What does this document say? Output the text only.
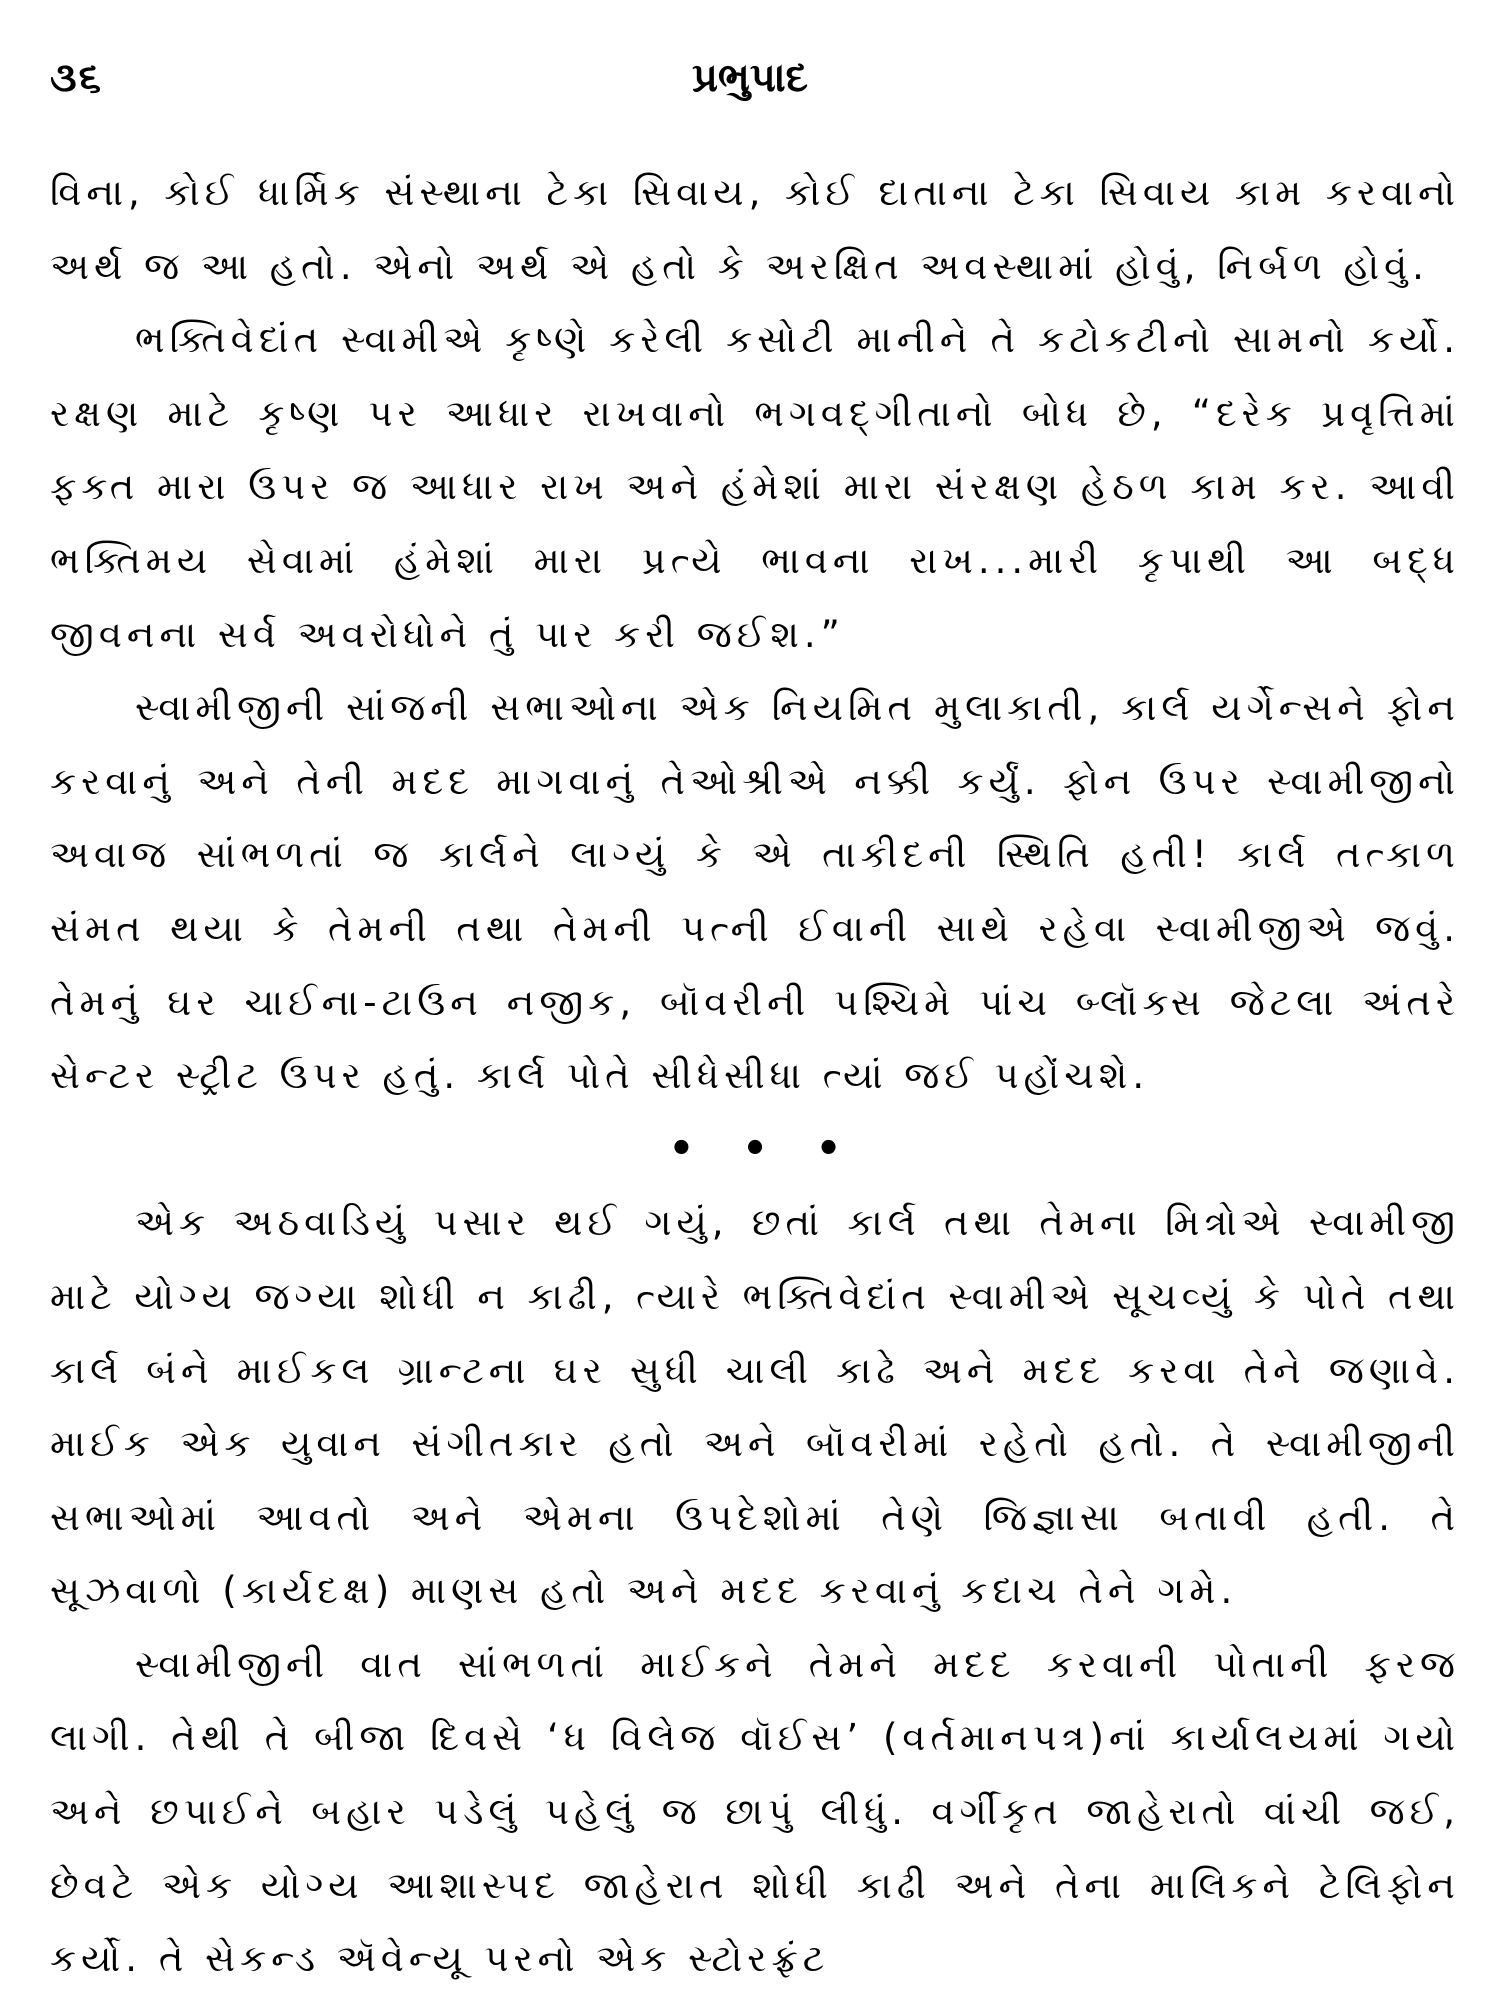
૩૬	પ્રભુપાદ

વિના, કોઈ ધાર્મિક સંસ્થાના ટેકા સિવાય, કોઈ દાતાના ટેકા સિવાય કામ કરવાનો અર્થ જ આ હતો. એનો અર્થ એ હતો કે અરક્ષિત અવસ્થામાં હોવું, નિર્બળ હોવું.

ભક્તિવેદાંત સ્વામીએ કૃષ્ણે કરેલી કસોટી માનીને તે કટોકટીનો સામનો કર્યો. રક્ષણ માટે કૃષ્ણ પર આધાર રાખવાનો ભગવદ્‌ગીતાનો બોધ છે, “દરેક પ્રવૃત્તિમાં ફક્ત મારા ઉપર જ આધાર રાખ અને હંમેશાં મારા સંરક્ષણ હેઠળ કામ કર. આવી ભક્તિમય સેવામાં હંમેશાં મારા પ્રત્યે ભાવના રાખ...મારી કૃપાથી આ બદ્ધ જીવનના સર્વ અવરોધોને તું પાર કરી જઈશ.”

સ્વામીજીની સાંજની સભાઓના એક નિયમિત મુલાકાતી, કાર્લ યર્ગેન્સને ફોન કરવાનું અને તેની મદદ માગવાનું તેઓશ્રીએ નક્કી કર્યું. ફોન ઉપર સ્વામીજીનો અવાજ સાંભળતાં જ કાર્લને લાગ્યું કે એ તાકીદની સ્થિતિ હતી! કાર્લ તત્કાળ સંમત થયા કે તેમની તથા તેમની પત્ની ઈવાની સાથે રહેવા સ્વામીજીએ જવું. તેમનું ઘર ચાઈના-ટાઉન નજીક, બૉવરીની પશ્ચિમે પાંચ બ્લૉક્સ જેટલા અંતરે સેન્ટર સ્ટ્રીટ ઉપર હતું. કાર્લ પોતે સીધેસીધા ત્યાં જઈ પહોંચશે.

•••

એક અઠવાડિયું પસાર થઈ ગયું, છતાં કાર્લ તથા તેમના મિત્રોએ સ્વામીજી માટે યોગ્ય જગ્યા શોધી ન કાઢી, ત્યારે ભક્તિવેદાંત સ્વામીએ સૂચવ્યું કે પોતે તથા કાર્લ બંને માઈકલ ગ્રાન્ટના ઘર સુધી ચાલી કાઢે અને મદદ કરવા તેને જણાવે. માઈક એક યુવાન સંગીતકાર હતો અને બૉવરીમાં રહેતો હતો. તે સ્વામીજીની સભાઓમાં આવતો અને એમના ઉપદેશોમાં તેણે જિજ્ઞાસા બતાવી હતી. તે સૂઝવાળો (કાર્યદક્ષ) માણસ હતો અને મદદ કરવાનું કદાચ તેને ગમે.

સ્વામીજીની વાત સાંભળતાં માઈકને તેમને મદદ કરવાની પોતાની ફરજ લાગી. તેથી તે બીજા દિવસે ‘ધ વિલેજ વૉઈસ’ (વર્તમાનપત્ર)નાં કાર્યાલયમાં ગયો અને છપાઈને બહાર પડેલું પહેલું જ છાપું લીધું. વર્ગીકૃત જાહેરાતો વાંચી જઈ, છેવટે એક યોગ્ય આશાસ્પદ જાહેરાત શોધી કાઢી અને તેના માલિકને ટેલિફોન કર્યો. તે સેકન્ડ ઍવેન્યૂ પરનો એક સ્ટોરફ્રંટ
